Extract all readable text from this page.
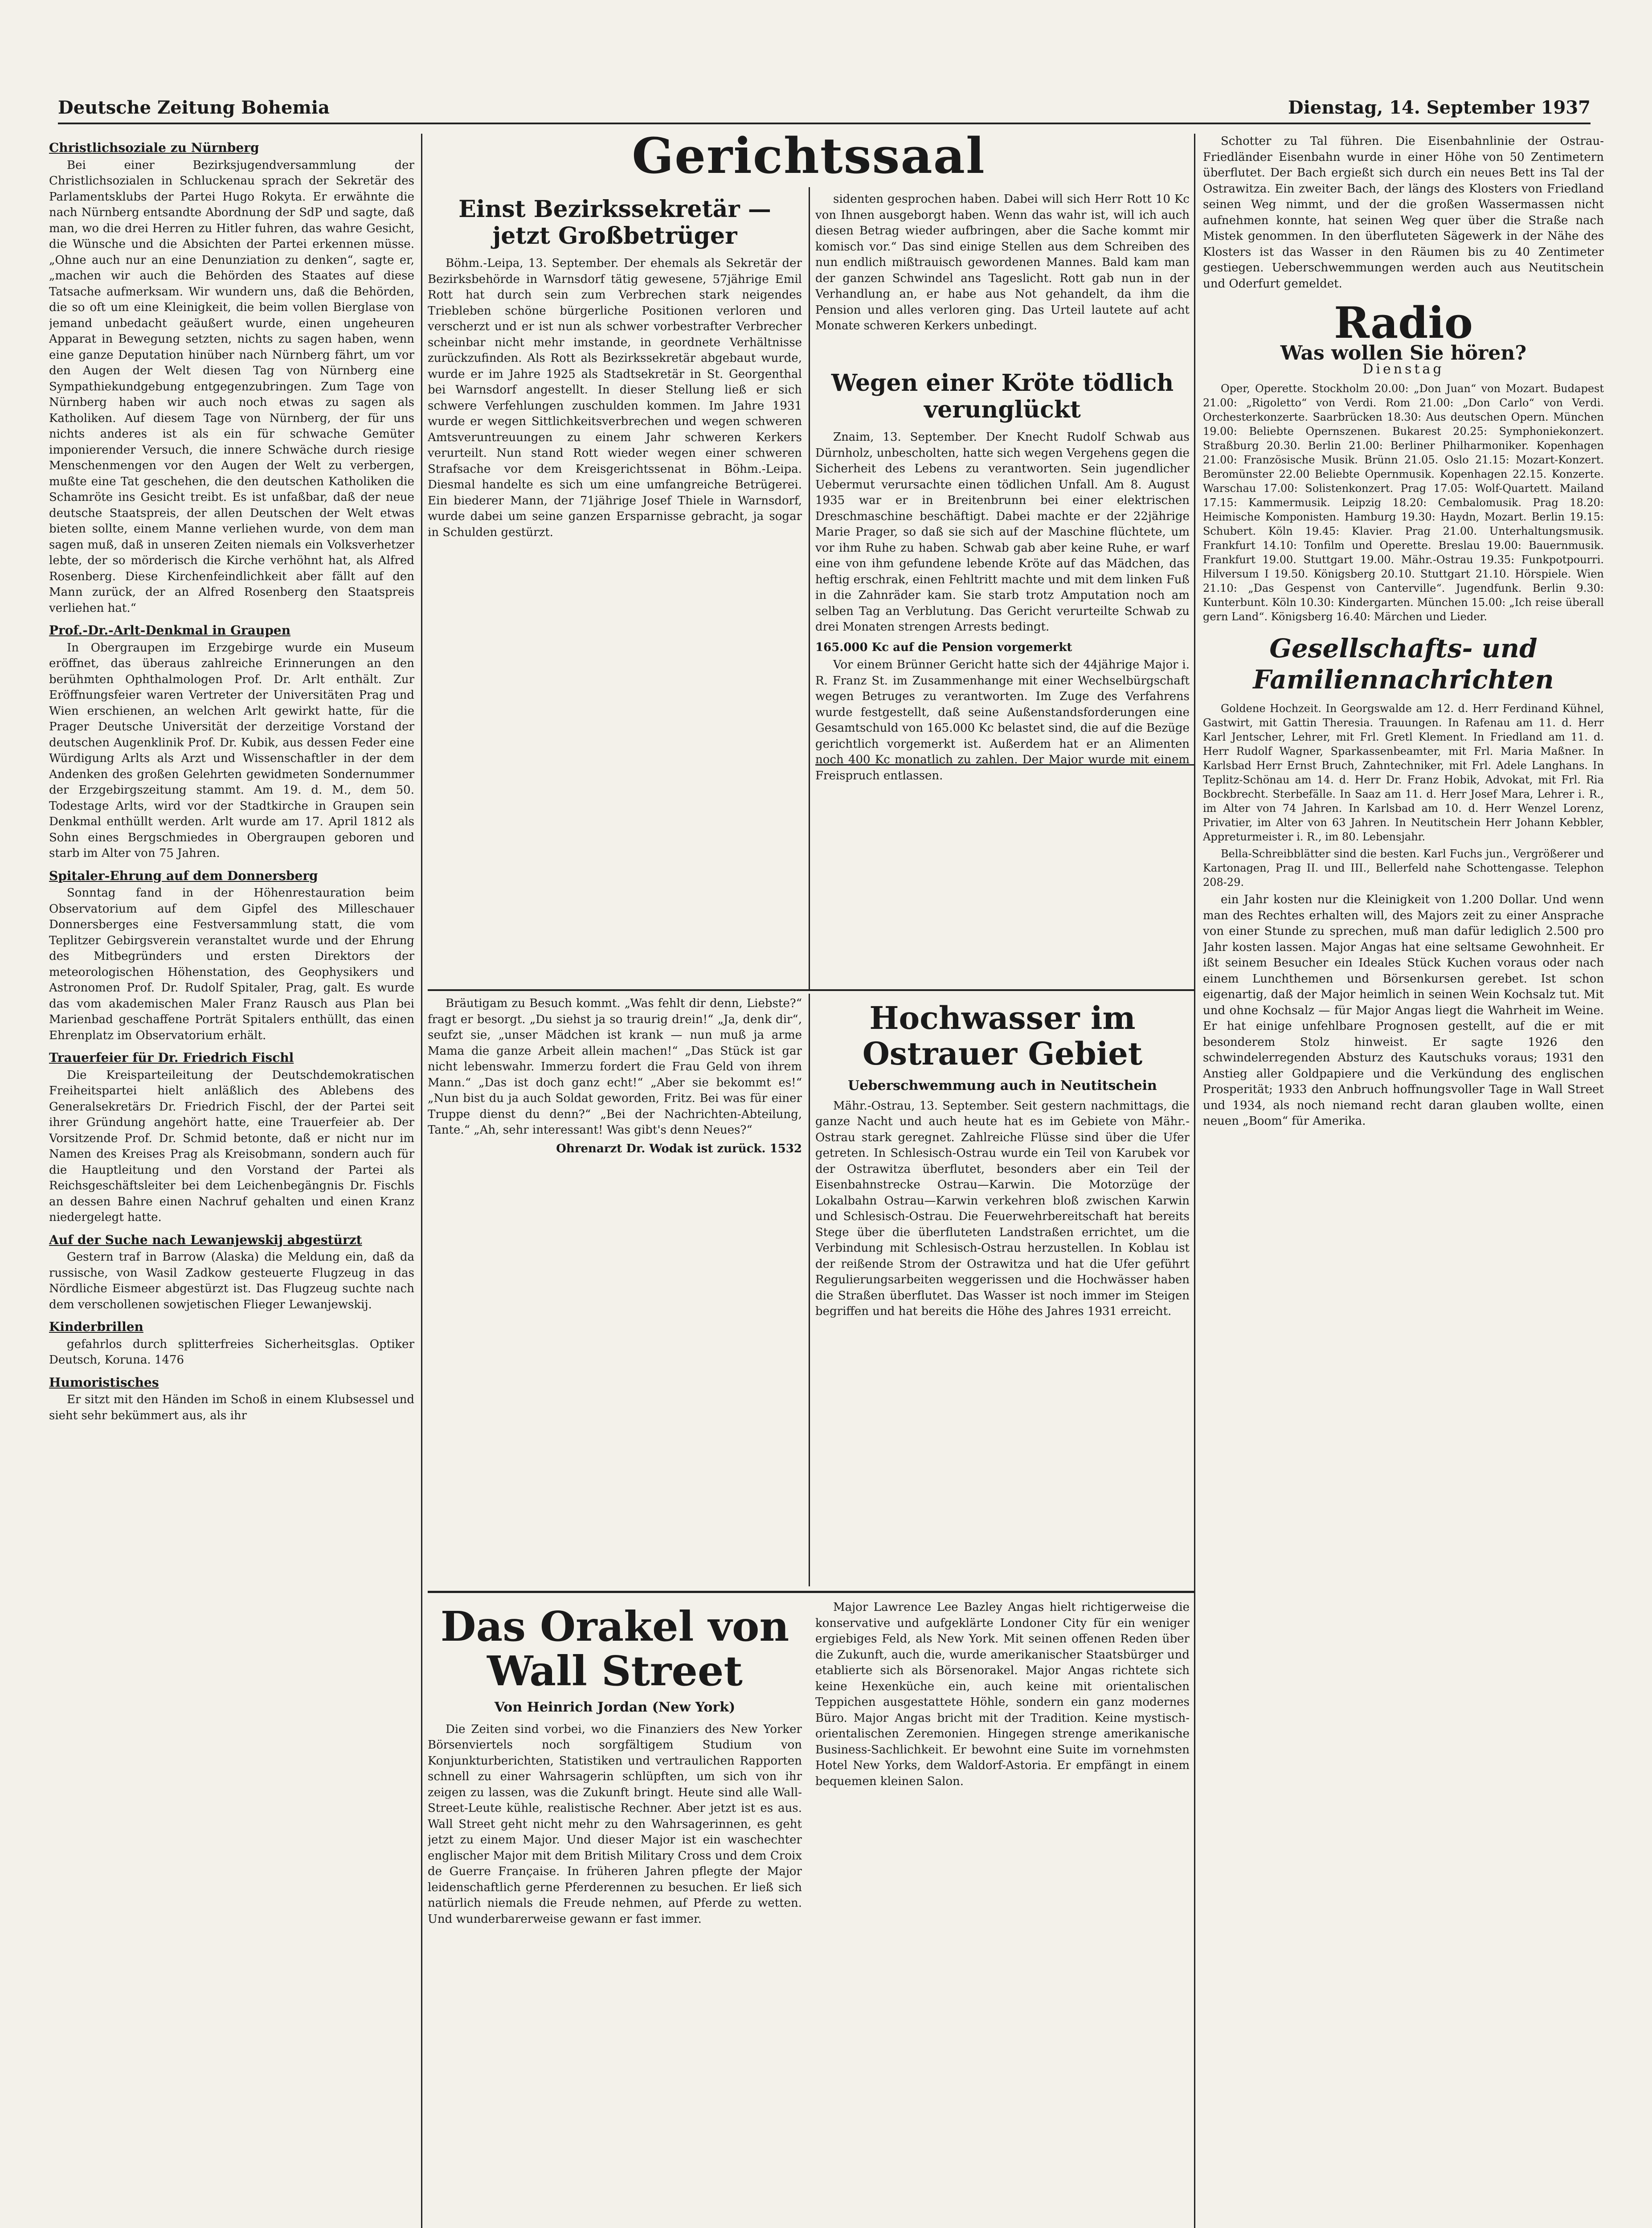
Deutsche Zeitung Bohemia	Dienstag, 14. September 1937
Christlichsoziale zu Nürnberg

Bei einer Bezirksjugendversammlung der Christlichsozialen in Schluckenau sprach der Sekretär des Parlamentsklubs der Partei Hugo Rokyta. Er erwähnte die nach Nürnberg entsandte Abordnung der SdP und sagte, daß man, wo die drei Herren zu Hitler fuhren, das wahre Gesicht, die Wünsche und die Absichten der Partei erkennen müsse. „Ohne auch nur an eine Denunziation zu denken“, sagte er, „machen wir auch die Behörden des Staates auf diese Tatsache aufmerksam. Wir wundern uns, daß die Behörden, die so oft um eine Kleinigkeit, die beim vollen Bierglase von jemand unbedacht geäußert wurde, einen ungeheuren Apparat in Bewegung setzten, nichts zu sagen haben, wenn eine ganze Deputation hinüber nach Nürnberg fährt, um vor den Augen der Welt diesen Tag von Nürnberg eine Sympathiekundgebung entgegenzubringen. Zum Tage von Nürnberg haben wir auch noch etwas zu sagen als Katholiken. Auf diesem Tage von Nürnberg, der für uns nichts anderes ist als ein für schwache Gemüter imponierender Versuch, die innere Schwäche durch riesige Menschenmengen vor den Augen der Welt zu verbergen, mußte eine Tat geschehen, die den deutschen Katholiken die Schamröte ins Gesicht treibt. Es ist unfaßbar, daß der neue deutsche Staatspreis, der allen Deutschen der Welt etwas bieten sollte, einem Manne verliehen wurde, von dem man sagen muß, daß in unseren Zeiten niemals ein Volksverhetzer lebte, der so mörderisch die Kirche verhöhnt hat, als Alfred Rosenberg. Diese Kirchenfeindlichkeit aber fällt auf den Mann zurück, der an Alfred Rosenberg den Staatspreis verliehen hat.“

Prof.-Dr.-Arlt-Denkmal in Graupen

In Obergraupen im Erzgebirge wurde ein Museum eröffnet, das überaus zahlreiche Erinnerungen an den berühmten Ophthalmologen Prof. Dr. Arlt enthält. Zur Eröffnungsfeier waren Vertreter der Universitäten Prag und Wien erschienen, an welchen Arlt gewirkt hatte, für die Prager Deutsche Universität der derzeitige Vorstand der deutschen Augenklinik Prof. Dr. Kubik, aus dessen Feder eine Würdigung Arlts als Arzt und Wissenschaftler in der dem Andenken des großen Gelehrten gewidmeten Sondernummer der Erzgebirgszeitung stammt. Am 19. d. M., dem 50. Todestage Arlts, wird vor der Stadtkirche in Graupen sein Denkmal enthüllt werden. Arlt wurde am 17. April 1812 als Sohn eines Bergschmiedes in Obergraupen geboren und starb im Alter von 75 Jahren.

Spitaler-Ehrung auf dem Donnersberg

Sonntag fand in der Höhenrestauration beim Observatorium auf dem Gipfel des Milleschauer Donnersberges eine Festversammlung statt, die vom Teplitzer Gebirgsverein veranstaltet wurde und der Ehrung des Mitbegründers und ersten Direktors der meteorologischen Höhenstation, des Geophysikers und Astronomen Prof. Dr. Rudolf Spitaler, Prag, galt. Es wurde das vom akademischen Maler Franz Rausch aus Plan bei Marienbad geschaffene Porträt Spitalers enthüllt, das einen Ehrenplatz im Observatorium erhält.

Trauerfeier für Dr. Friedrich Fischl

Die Kreisparteileitung der Deutschdemokratischen Freiheitspartei hielt anläßlich des Ablebens des Generalsekretärs Dr. Friedrich Fischl, der der Partei seit ihrer Gründung angehört hatte, eine Trauerfeier ab. Der Vorsitzende Prof. Dr. Schmid betonte, daß er nicht nur im Namen des Kreises Prag als Kreisobmann, sondern auch für die Hauptleitung und den Vorstand der Partei als Reichsgeschäftsleiter bei dem Leichenbegängnis Dr. Fischls an dessen Bahre einen Nachruf gehalten und einen Kranz niedergelegt hatte.

Auf der Suche nach Lewanjewskij abgestürzt

Gestern traf in Barrow (Alaska) die Meldung ein, daß da russische, von Wasil Zadkow gesteuerte Flugzeug in das Nördliche Eismeer abgestürzt ist. Das Flugzeug suchte nach dem verschollenen sowjetischen Flieger Lewanjewskij.

Kinderbrillen

gefahrlos durch splitterfreies Sicherheitsglas. Optiker Deutsch, Koruna. 1476

Humoristisches

Er sitzt mit den Händen im Schoß in einem Klubsessel und sieht sehr bekümmert aus, als ihr

Gerichtssaal
Einst Bezirkssekretär — jetzt Großbetrüger

Böhm.-Leipa, 13. September. Der ehemals als Sekretär der Bezirksbehörde in Warnsdorf tätig gewesene, 57jährige Emil Rott hat durch sein zum Verbrechen stark neigendes Triebleben schöne bürgerliche Positionen verloren und verscherzt und er ist nun als schwer vorbestrafter Verbrecher scheinbar nicht mehr imstande, in geordnete Verhältnisse zurückzufinden. Als Rott als Bezirkssekretär abgebaut wurde, wurde er im Jahre 1925 als Stadtsekretär in St. Georgenthal bei Warnsdorf angestellt. In dieser Stellung ließ er sich schwere Verfehlungen zuschulden kommen. Im Jahre 1931 wurde er wegen Sittlichkeitsverbrechen und wegen schweren Amtsveruntreuungen zu einem Jahr schweren Kerkers verurteilt. Nun stand Rott wieder wegen einer schweren Strafsache vor dem Kreisgerichtssenat in Böhm.-Leipa. Diesmal handelte es sich um eine umfangreiche Betrügerei. Ein biederer Mann, der 71jährige Josef Thiele in Warnsdorf, wurde dabei um seine ganzen Ersparnisse gebracht, ja sogar in Schulden gestürzt.

sidenten gesprochen haben. Dabei will sich Herr Rott 10 Kc von Ihnen ausgeborgt haben. Wenn das wahr ist, will ich auch diesen Betrag wieder aufbringen, aber die Sache kommt mir komisch vor.“ Das sind einige Stellen aus dem Schreiben des nun endlich mißtrauisch gewordenen Mannes. Bald kam man der ganzen Schwindel ans Tageslicht. Rott gab nun in der Verhandlung an, er habe aus Not gehandelt, da ihm die Pension und alles verloren ging. Das Urteil lautete auf acht Monate schweren Kerkers unbedingt.

Wegen einer Kröte tödlich verunglückt

Znaim, 13. September. Der Knecht Rudolf Schwab aus Dürnholz, unbescholten, hatte sich wegen Vergehens gegen die Sicherheit des Lebens zu verantworten. Sein jugendlicher Uebermut verursachte einen tödlichen Unfall. Am 8. August 1935 war er in Breitenbrunn bei einer elektrischen Dreschmaschine beschäftigt. Dabei machte er der 22jährige Marie Prager, so daß sie sich auf der Maschine flüchtete, um vor ihm Ruhe zu haben. Schwab gab aber keine Ruhe, er warf eine von ihm gefundene lebende Kröte auf das Mädchen, das heftig erschrak, einen Fehltritt machte und mit dem linken Fuß in die Zahnräder kam. Sie starb trotz Amputation noch am selben Tag an Verblutung. Das Gericht verurteilte Schwab zu drei Monaten strengen Arrests bedingt.

165.000 Kc auf die Pension vorgemerkt

Vor einem Brünner Gericht hatte sich der 44jährige Major i. R. Franz St. im Zusammenhange mit einer Wechselbürgschaft wegen Betruges zu verantworten. Im Zuge des Verfahrens wurde festgestellt, daß seine Außenstandsforderungen eine Gesamtschuld von 165.000 Kc belastet sind, die auf die Bezüge gerichtlich vorgemerkt ist. Außerdem hat er an Alimenten noch 400 Kc monatlich zu zahlen. Der Major wurde mit einem Freispruch entlassen.

Bräutigam zu Besuch kommt. „Was fehlt dir denn, Liebste?“ fragt er besorgt. „Du siehst ja so traurig drein!“ „Ja, denk dir“, seufzt sie, „unser Mädchen ist krank — nun muß ja arme Mama die ganze Arbeit allein machen!“ „Das Stück ist gar nicht lebenswahr. Immerzu fordert die Frau Geld von ihrem Mann.“ „Das ist doch ganz echt!“ „Aber sie bekommt es!“ „Nun bist du ja auch Soldat geworden, Fritz. Bei was für einer Truppe dienst du denn?“ „Bei der Nachrichten-Abteilung, Tante.“ „Ah, sehr interessant! Was gibt's denn Neues?“

Ohrenarzt Dr. Wodak ist zurück. 1532

Hochwasser im Ostrauer Gebiet
Ueberschwemmung auch in Neutitschein

Mähr.-Ostrau, 13. September. Seit gestern nachmittags, die ganze Nacht und auch heute hat es im Gebiete von Mähr.-Ostrau stark geregnet. Zahlreiche Flüsse sind über die Ufer getreten. In Schlesisch-Ostrau wurde ein Teil von Karubek vor der Ostrawitza überflutet, besonders aber ein Teil der Eisenbahnstrecke Ostrau—Karwin. Die Motorzüge der Lokalbahn Ostrau—Karwin verkehren bloß zwischen Karwin und Schlesisch-Ostrau. Die Feuerwehrbereitschaft hat bereits Stege über die überfluteten Landstraßen errichtet, um die Verbindung mit Schlesisch-Ostrau herzustellen. In Koblau ist der reißende Strom der Ostrawitza und hat die Ufer geführt Regulierungsarbeiten weggerissen und die Hochwässer haben die Straßen überflutet. Das Wasser ist noch immer im Steigen begriffen und hat bereits die Höhe des Jahres 1931 erreicht.

Das Orakel von Wall Street
Von Heinrich Jordan (New York)

Die Zeiten sind vorbei, wo die Finanziers des New Yorker Börsenviertels noch sorgfältigem Studium von Konjunkturberichten, Statistiken und vertraulichen Rapporten schnell zu einer Wahrsagerin schlüpften, um sich von ihr zeigen zu lassen, was die Zukunft bringt. Heute sind alle Wall-Street-Leute kühle, realistische Rechner. Aber jetzt ist es aus. Wall Street geht nicht mehr zu den Wahrsagerinnen, es geht jetzt zu einem Major. Und dieser Major ist ein waschechter englischer Major mit dem British Military Cross und dem Croix de Guerre Française. In früheren Jahren pflegte der Major leidenschaftlich gerne Pferderennen zu besuchen. Er ließ sich natürlich niemals die Freude nehmen, auf Pferde zu wetten. Und wunderbarerweise gewann er fast immer.

Major Lawrence Lee Bazley Angas hielt richtigerweise die konservative und aufgeklärte Londoner City für ein weniger ergiebiges Feld, als New York. Mit seinen offenen Reden über die Zukunft, auch die, wurde amerikanischer Staatsbürger und etablierte sich als Börsenorakel. Major Angas richtete sich keine Hexenküche ein, auch keine mit orientalischen Teppichen ausgestattete Höhle, sondern ein ganz modernes Büro. Major Angas bricht mit der Tradition. Keine mystisch-orientalischen Zeremonien. Hingegen strenge amerikanische Business-Sachlichkeit. Er bewohnt eine Suite im vornehmsten Hotel New Yorks, dem Waldorf-Astoria. Er empfängt in einem bequemen kleinen Salon.

Schotter zu Tal führen. Die Eisenbahnlinie der Ostrau-Friedländer Eisenbahn wurde in einer Höhe von 50 Zentimetern überflutet. Der Bach ergießt sich durch ein neues Bett ins Tal der Ostrawitza. Ein zweiter Bach, der längs des Klosters von Friedland seinen Weg nimmt, und der die großen Wassermassen nicht aufnehmen konnte, hat seinen Weg quer über die Straße nach Mistek genommen. In den überfluteten Sägewerk in der Nähe des Klosters ist das Wasser in den Räumen bis zu 40 Zentimeter gestiegen. Ueberschwemmungen werden auch aus Neutitschein und Oderfurt gemeldet.

Radio
Was wollen Sie hören?
Dienstag

Oper, Operette. Stockholm 20.00: „Don Juan“ von Mozart. Budapest 21.00: „Rigoletto“ von Verdi. Rom 21.00: „Don Carlo“ von Verdi. Orchesterkonzerte. Saarbrücken 18.30: Aus deutschen Opern. München 19.00: Beliebte Opernszenen. Bukarest 20.25: Symphoniekonzert. Straßburg 20.30. Berlin 21.00: Berliner Philharmoniker. Kopenhagen 21.00: Französische Musik. Brünn 21.05. Oslo 21.15: Mozart-Konzert. Beromünster 22.00 Beliebte Opernmusik. Kopenhagen 22.15. Konzerte. Warschau 17.00: Solistenkonzert. Prag 17.05: Wolf-Quartett. Mailand 17.15: Kammermusik. Leipzig 18.20: Cembalomusik. Prag 18.20: Heimische Komponisten. Hamburg 19.30: Haydn, Mozart. Berlin 19.15: Schubert. Köln 19.45: Klavier. Prag 21.00. Unterhaltungsmusik. Frankfurt 14.10: Tonfilm und Operette. Breslau 19.00: Bauernmusik. Frankfurt 19.00. Stuttgart 19.00. Mähr.-Ostrau 19.35: Funkpotpourri. Hilversum I 19.50. Königsberg 20.10. Stuttgart 21.10. Hörspiele. Wien 21.10: „Das Gespenst von Canterville“. Jugendfunk. Berlin 9.30: Kunterbunt. Köln 10.30: Kindergarten. München 15.00: „Ich reise überall gern Land“. Königsberg 16.40: Märchen und Lieder.

Gesellschafts- und Familiennachrichten

Goldene Hochzeit. In Georgswalde am 12. d. Herr Ferdinand Kühnel, Gastwirt, mit Gattin Theresia. Trauungen. In Rafenau am 11. d. Herr Karl Jentscher, Lehrer, mit Frl. Gretl Klement. In Friedland am 11. d. Herr Rudolf Wagner, Sparkassenbeamter, mit Frl. Maria Maßner. In Karlsbad Herr Ernst Bruch, Zahntechniker, mit Frl. Adele Langhans. In Teplitz-Schönau am 14. d. Herr Dr. Franz Hobik, Advokat, mit Frl. Ria Bockbrecht. Sterbefälle. In Saaz am 11. d. Herr Josef Mara, Lehrer i. R., im Alter von 74 Jahren. In Karlsbad am 10. d. Herr Wenzel Lorenz, Privatier, im Alter von 63 Jahren. In Neutitschein Herr Johann Kebbler, Appreturmeister i. R., im 80. Lebensjahr.

Bella-Schreibblätter sind die besten. Karl Fuchs jun., Vergrößerer und Kartonagen, Prag II. und III., Bellerfeld nahe Schottengasse. Telephon 208-29.

ein Jahr kosten nur die Kleinigkeit von 1.200 Dollar. Und wenn man des Rechtes erhalten will, des Majors zeit zu einer Ansprache von einer Stunde zu sprechen, muß man dafür lediglich 2.500 pro Jahr kosten lassen. Major Angas hat eine seltsame Gewohnheit. Er ißt seinem Besucher ein Ideales Stück Kuchen voraus oder nach einem Lunchthemen und Börsenkursen gerebet. Ist schon eigenartig, daß der Major heimlich in seinen Wein Kochsalz tut. Mit und ohne Kochsalz — für Major Angas liegt die Wahrheit im Weine. Er hat einige unfehlbare Prognosen gestellt, auf die er mit besonderem Stolz hinweist. Er sagte 1926 den schwindelerregenden Absturz des Kautschuks voraus; 1931 den Anstieg aller Goldpapiere und die Verkündung des englischen Prosperität; 1933 den Anbruch hoffnungsvoller Tage in Wall Street und 1934, als noch niemand recht daran glauben wollte, einen neuen „Boom“ für Amerika.
